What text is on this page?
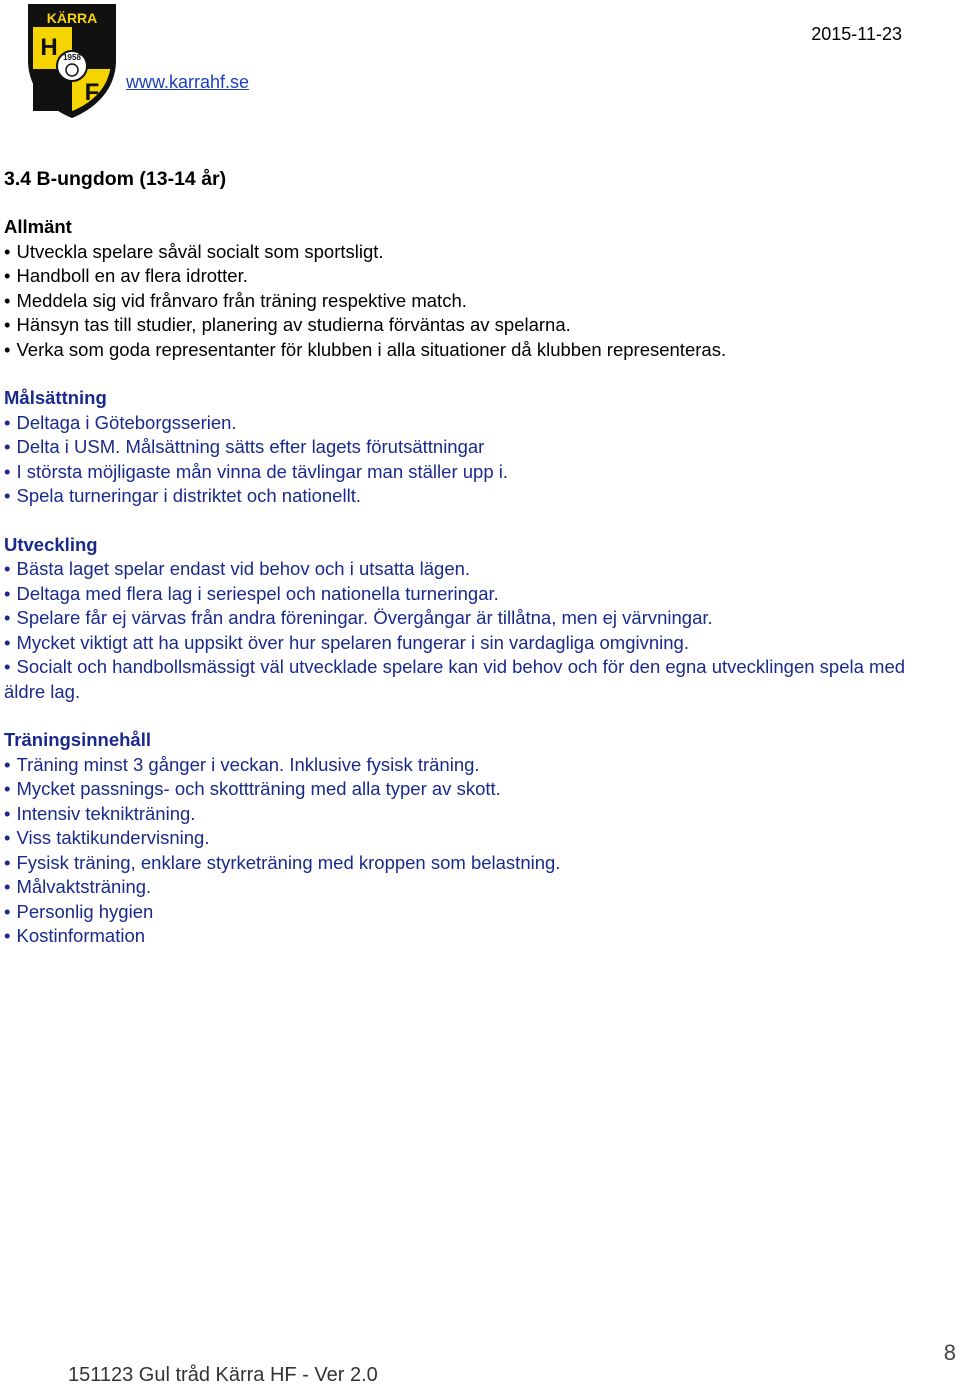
KÄRRA
H
F
1958
2015-11-23
www.karrahf.se
3.4 B-ungdom (13-14 år)
Allmänt
• Utveckla spelare såväl socialt som sportsligt.
• Handboll en av flera idrotter.
• Meddela sig vid frånvaro från träning respektive match.
• Hänsyn tas till studier, planering av studierna förväntas av spelarna.
• Verka som goda representanter för klubben i alla situationer då klubben representeras.
Målsättning
• Deltaga i Göteborgsserien.
• Delta i USM. Målsättning sätts efter lagets förutsättningar
• I största möjligaste mån vinna de tävlingar man ställer upp i.
• Spela turneringar i distriktet och nationellt.
Utveckling
• Bästa laget spelar endast vid behov och i utsatta lägen.
• Deltaga med flera lag i seriespel och nationella turneringar.
• Spelare får ej värvas från andra föreningar. Övergångar är tillåtna, men ej värvningar.
• Mycket viktigt att ha uppsikt över hur spelaren fungerar i sin vardagliga omgivning.
• Socialt och handbollsmässigt väl utvecklade spelare kan vid behov och för den egna utvecklingen spela med äldre lag.
Träningsinnehåll
• Träning minst 3 gånger i veckan. Inklusive fysisk träning.
• Mycket passnings- och skottträning med alla typer av skott.
• Intensiv teknikträning.
• Viss taktikundervisning.
• Fysisk träning, enklare styrketräning med kroppen som belastning.
• Målvaktsträning.
• Personlig hygien
• Kostinformation
8
151123 Gul tråd Kärra HF - Ver 2.0
